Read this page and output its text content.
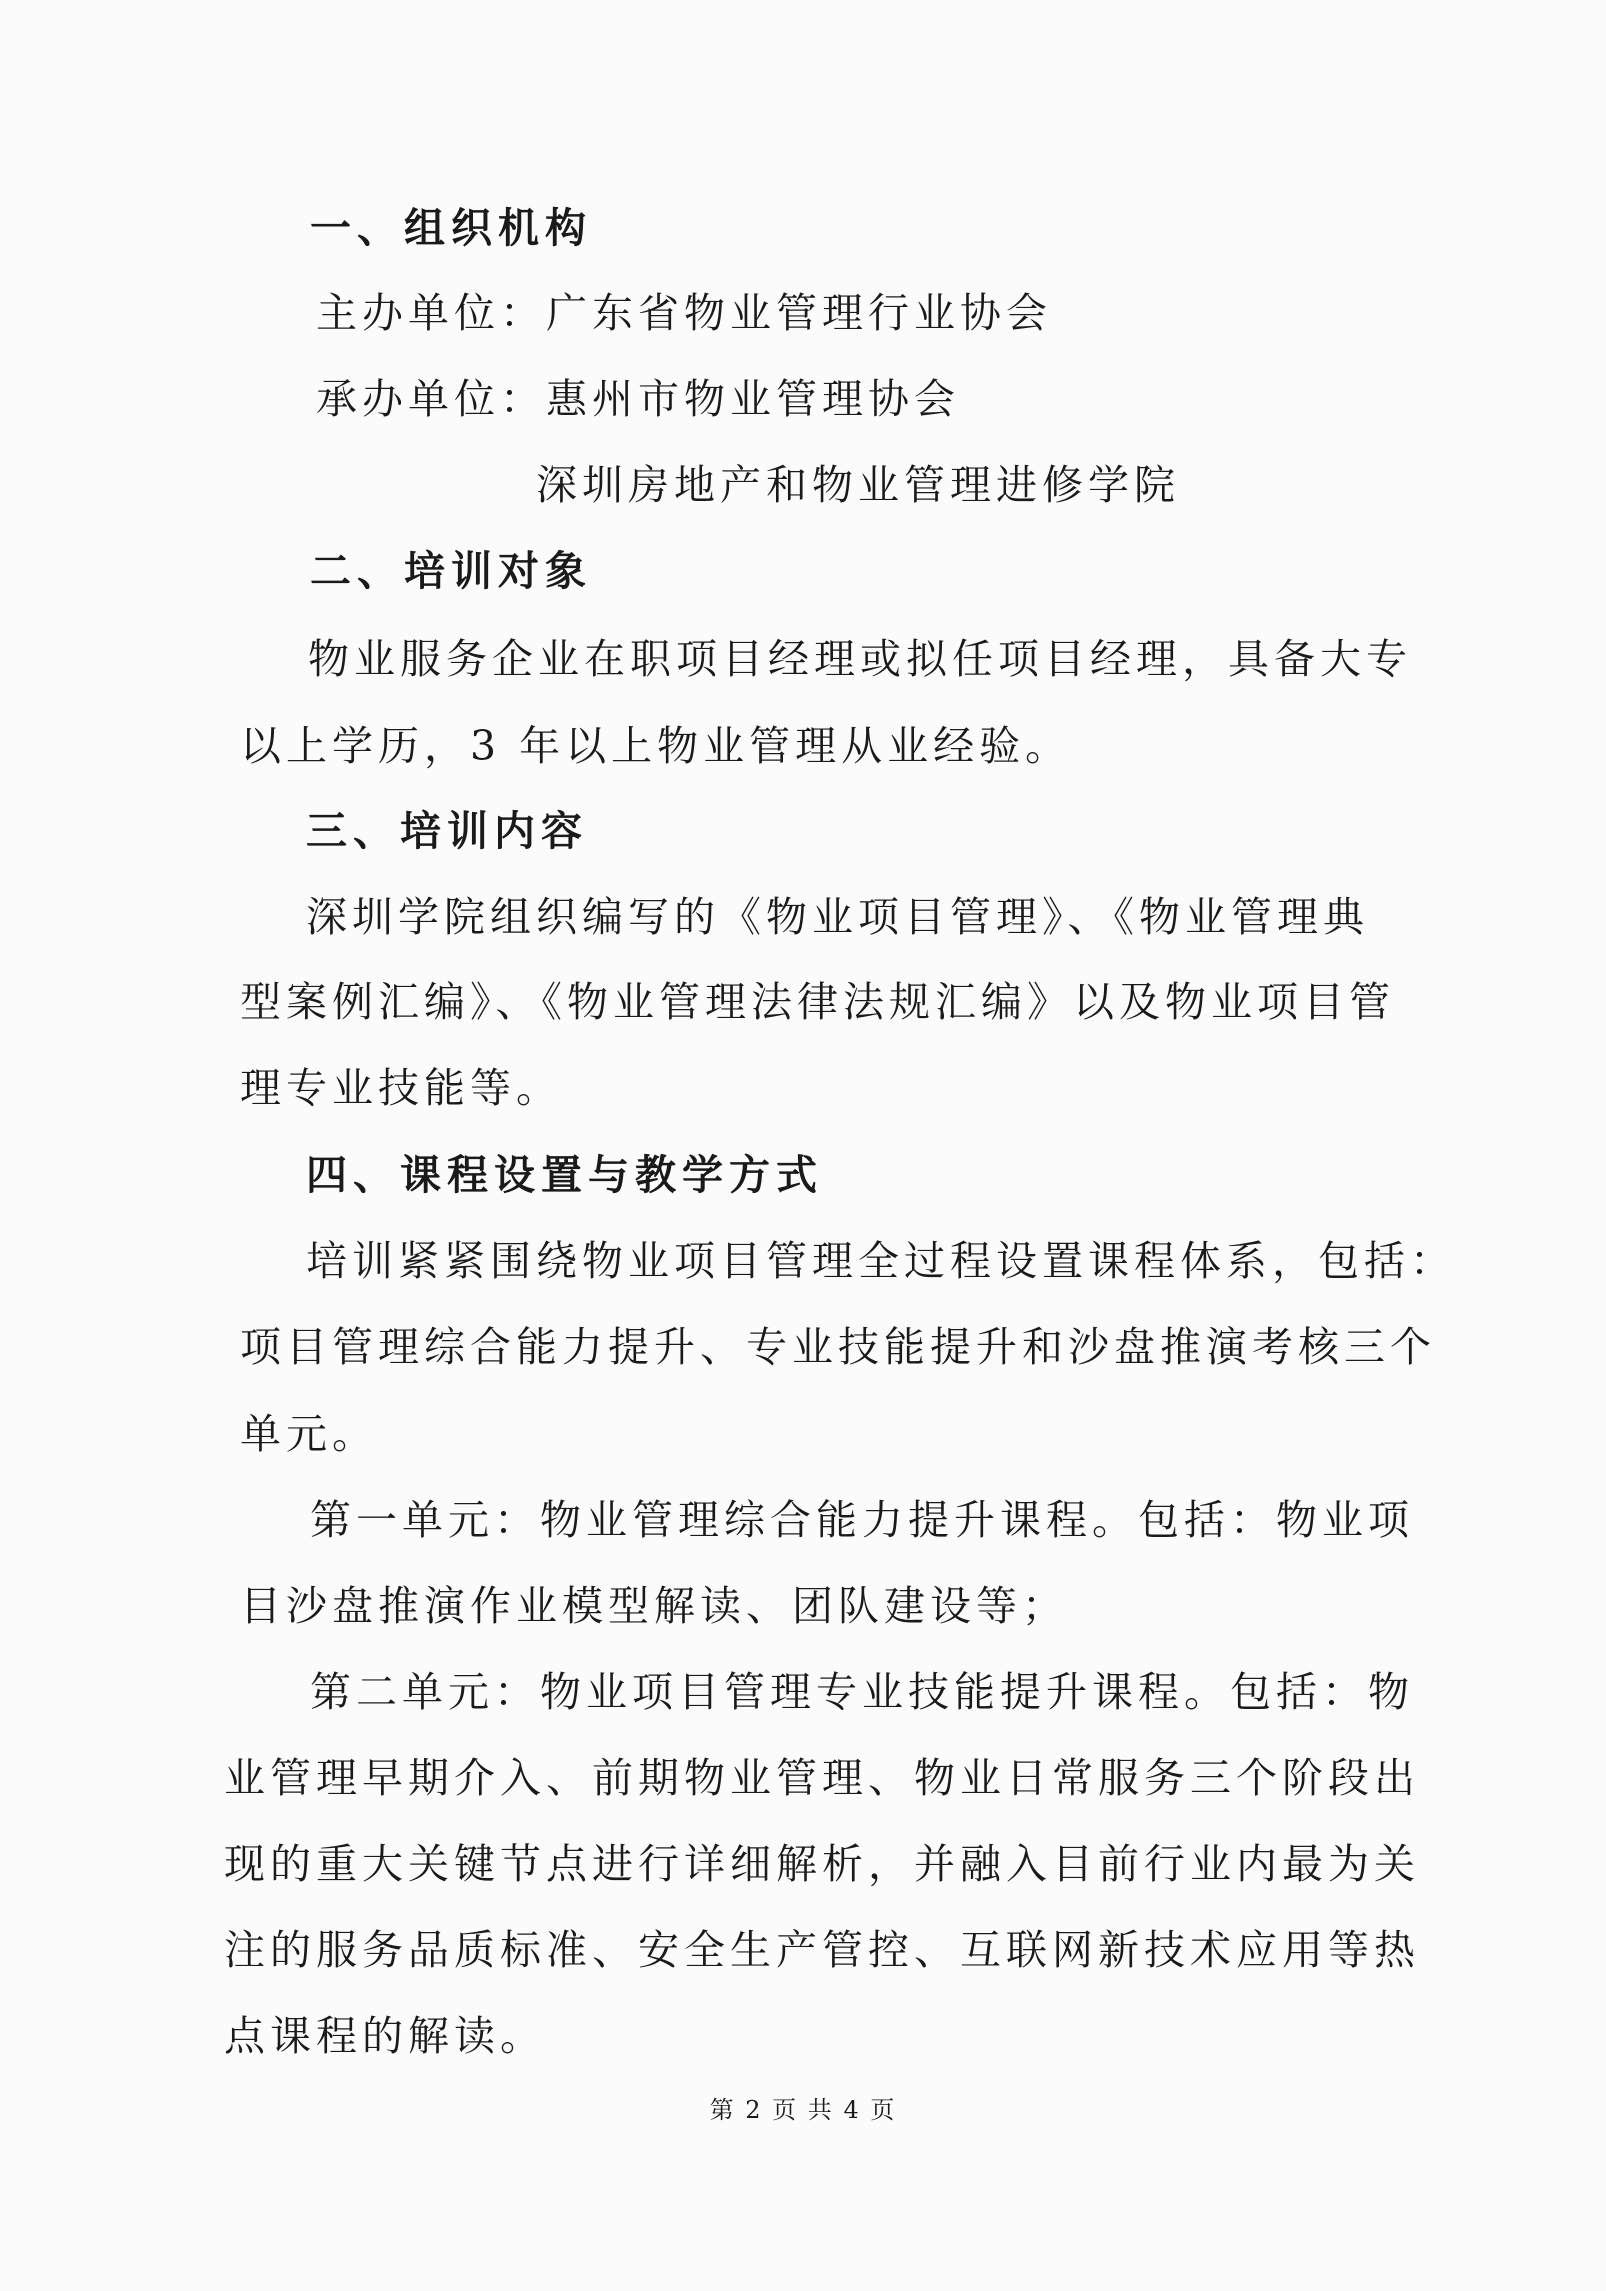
一、组织机构

主办单位：广东省物业管理行业协会

承办单位：惠州市物业管理协会

深圳房地产和物业管理进修学院

二、培训对象

物业服务企业在职项目经理或拟任项目经理，具备大专

以上学历，3 年以上物业管理从业经验。

三、培训内容

深圳学院组织编写的《物业项目管理》、《物业管理典

型案例汇编》、《物业管理法律法规汇编》以及物业项目管

理专业技能等。

四、课程设置与教学方式

培训紧紧围绕物业项目管理全过程设置课程体系，包括：

项目管理综合能力提升、专业技能提升和沙盘推演考核三个

单元。

第一单元：物业管理综合能力提升课程。包括：物业项

目沙盘推演作业模型解读、团队建设等；

第二单元：物业项目管理专业技能提升课程。包括：物

业管理早期介入、前期物业管理、物业日常服务三个阶段出

现的重大关键节点进行详细解析，并融入目前行业内最为关

注的服务品质标准、安全生产管控、互联网新技术应用等热

点课程的解读。

第 2 页 共 4 页
